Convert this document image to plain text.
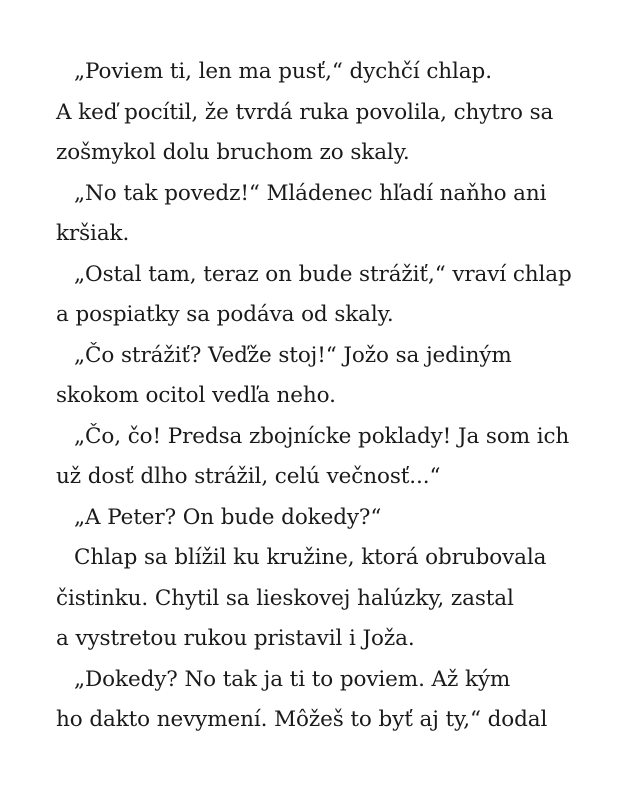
„Poviem ti, len ma pusť,“ dychčí chlap.
A keď pocítil, že tvrdá ruka povolila, chytro sa
zošmykol dolu bruchom zo skaly.
„No tak povedz!“ Mládenec hľadí naňho ani
kršiak.
„Ostal tam, teraz on bude strážiť,“ vraví chlap
a pospiatky sa podáva od skaly.
„Čo strážiť? Veďže stoj!“ Jožo sa jediným
skokom ocitol vedľa neho.
„Čo, čo! Predsa zbojnícke poklady! Ja som ich
už dosť dlho strážil, celú večnosť...“
„A Peter? On bude dokedy?“
Chlap sa blížil ku kružine, ktorá obrubovala
čistinku. Chytil sa lieskovej halúzky, zastal
a vystretou rukou pristavil i Joža.
„Dokedy? No tak ja ti to poviem. Až kým
ho dakto nevymení. Môžeš to byť aj ty,“ dodal
